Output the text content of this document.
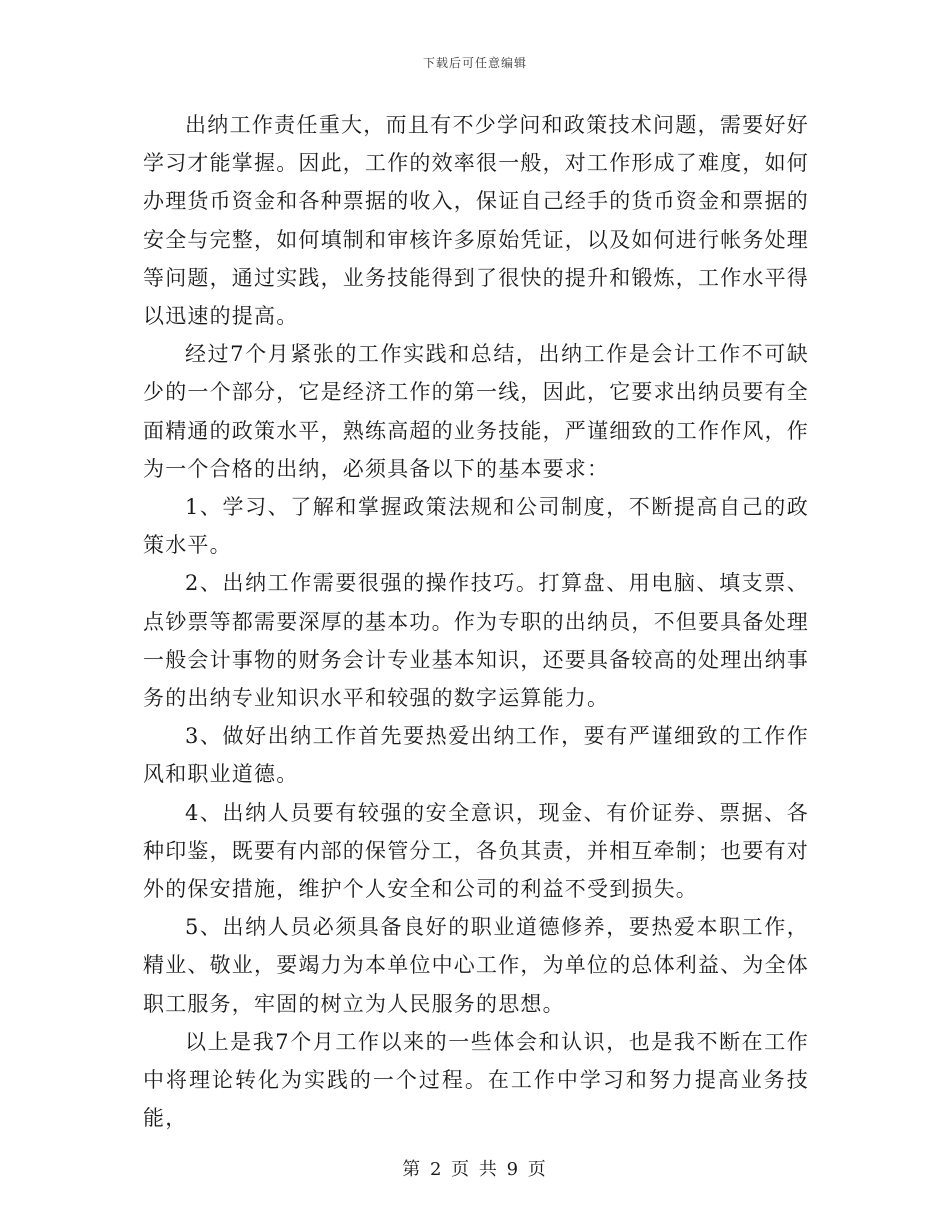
下载后可任意编辑

出纳工作责任重大，而且有不少学问和政策技术问题，需要好好学习才能掌握。因此，工作的效率很一般，对工作形成了难度，如何办理货币资金和各种票据的收入，保证自己经手的货币资金和票据的安全与完整，如何填制和审核许多原始凭证，以及如何进行帐务处理等问题，通过实践，业务技能得到了很快的提升和锻炼，工作水平得以迅速的提高。

经过7个月紧张的工作实践和总结，出纳工作是会计工作不可缺少的一个部分，它是经济工作的第一线，因此，它要求出纳员要有全面精通的政策水平，熟练高超的业务技能，严谨细致的工作作风，作为一个合格的出纳，必须具备以下的基本要求：

1、学习、了解和掌握政策法规和公司制度，不断提高自己的政策水平。

2、出纳工作需要很强的操作技巧。打算盘、用电脑、填支票、点钞票等都需要深厚的基本功。作为专职的出纳员，不但要具备处理一般会计事物的财务会计专业基本知识，还要具备较高的处理出纳事务的出纳专业知识水平和较强的数字运算能力。

3、做好出纳工作首先要热爱出纳工作，要有严谨细致的工作作风和职业道德。

4、出纳人员要有较强的安全意识，现金、有价证券、票据、各种印鉴，既要有内部的保管分工，各负其责，并相互牵制；也要有对外的保安措施，维护个人安全和公司的利益不受到损失。

5、出纳人员必须具备良好的职业道德修养，要热爱本职工作，精业、敬业，要竭力为本单位中心工作，为单位的总体利益、为全体职工服务，牢固的树立为人民服务的思想。

以上是我7个月工作以来的一些体会和认识，也是我不断在工作中将理论转化为实践的一个过程。在工作中学习和努力提高业务技能，

第 2 页 共 9 页
